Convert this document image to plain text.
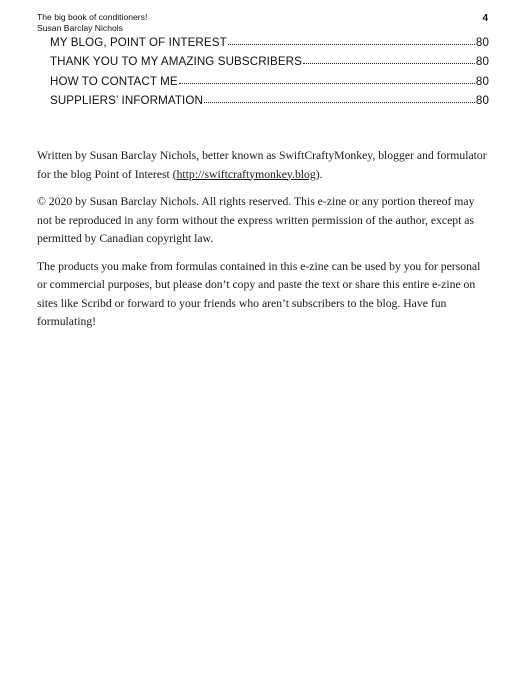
The big book of conditioners!
Susan Barclay Nichols
4
MY BLOG, POINT OF INTEREST	80
THANK YOU TO MY AMAZING SUBSCRIBERS	80
HOW TO CONTACT ME	80
SUPPLIERS’ INFORMATION	80

Written by Susan Barclay Nichols, better known as SwiftCraftyMonkey, blogger and formulator for the blog Point of Interest (http://swiftcraftymonkey.blog).

© 2020 by Susan Barclay Nichols. All rights reserved. This e-zine or any portion thereof may not be reproduced in any form without the express written permission of the author, except as permitted by Canadian copyright law.

The products you make from formulas contained in this e-zine can be used by you for personal or commercial purposes, but please don’t copy and paste the text or share this entire e-zine on sites like Scribd or forward to your friends who aren’t subscribers to the blog. Have fun formulating!
